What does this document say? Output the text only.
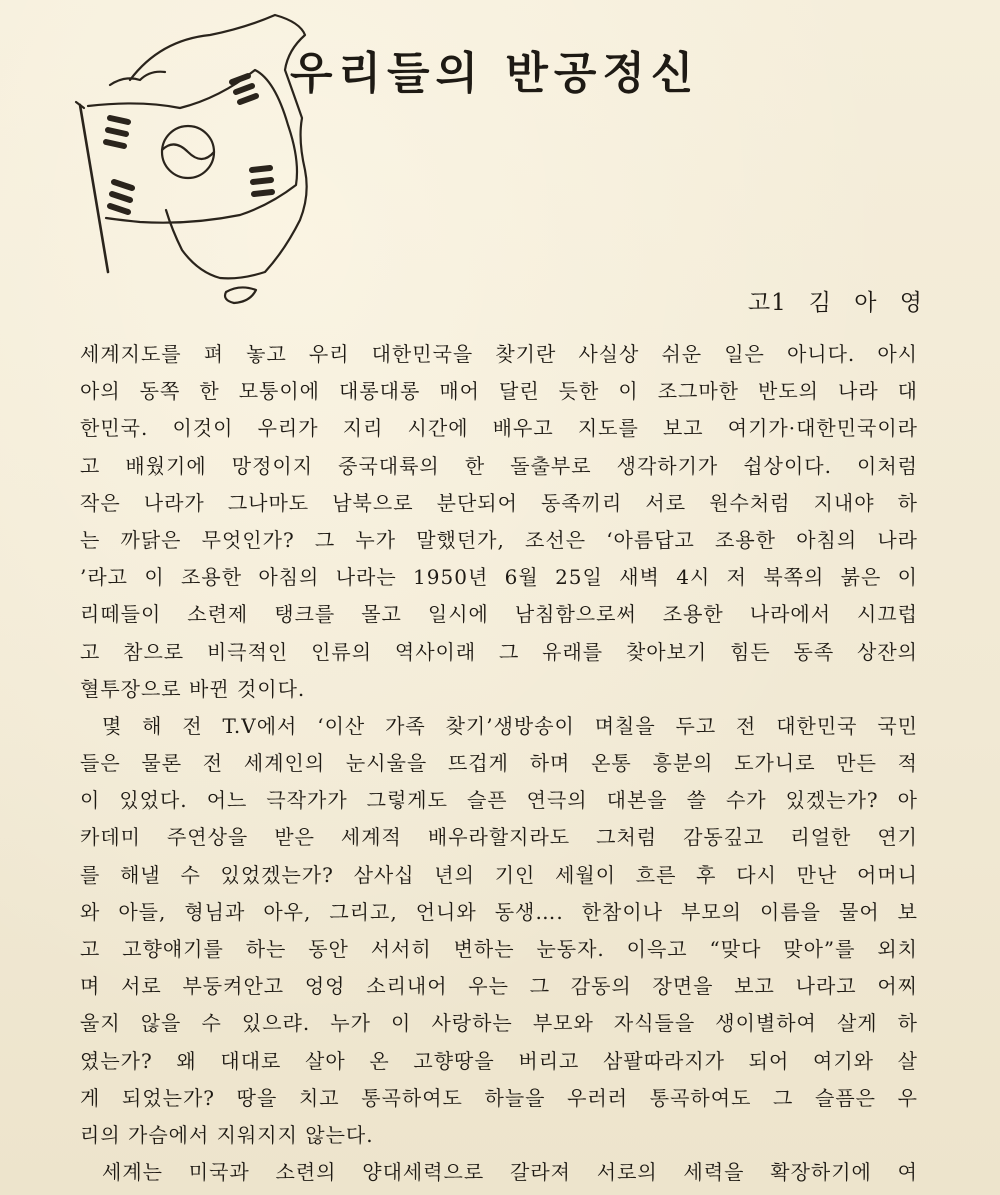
우리들의 반공정신
고1 김 아 영
세계지도를 펴 놓고 우리 대한민국을 찾기란 사실상 쉬운 일은 아니다. 아시
아의 동쪽 한 모퉁이에 대롱대롱 매어 달린 듯한 이 조그마한 반도의 나라 대
한민국. 이것이 우리가 지리 시간에 배우고 지도를 보고 여기가·대한민국이라
고 배웠기에 망정이지 중국대륙의 한 돌출부로 생각하기가 쉽상이다. 이처럼
작은 나라가 그나마도 남북으로 분단되어 동족끼리 서로 원수처럼 지내야 하
는 까닭은 무엇인가? 그 누가 말했던가, 조선은 ‘아름답고 조용한 아침의 나라
’라고 이 조용한 아침의 나라는 1950년 6월 25일 새벽 4시 저 북쪽의 붉은 이
리떼들이 소련제 탱크를 몰고 일시에 남침함으로써 조용한 나라에서 시끄럽
고 참으로 비극적인 인류의 역사이래 그 유래를 찾아보기 힘든 동족 상잔의
혈투장으로 바뀐 것이다.
몇 해 전 T.V에서 ‘이산 가족 찾기’생방송이 며칠을 두고 전 대한민국 국민
들은 물론 전 세계인의 눈시울을 뜨겁게 하며 온통 흥분의 도가니로 만든 적
이 있었다. 어느 극작가가 그렇게도 슬픈 연극의 대본을 쓸 수가 있겠는가? 아
카데미 주연상을 받은 세계적 배우라할지라도 그처럼 감동깊고 리얼한 연기
를 해낼 수 있었겠는가? 삼사십 년의 기인 세월이 흐른 후 다시 만난 어머니
와 아들, 형님과 아우, 그리고, 언니와 동생…. 한참이나 부모의 이름을 물어 보
고 고향얘기를 하는 동안 서서히 변하는 눈동자. 이윽고 “맞다 맞아”를 외치
며 서로 부둥켜안고 엉엉 소리내어 우는 그 감동의 장면을 보고 나라고 어찌
울지 않을 수 있으랴. 누가 이 사랑하는 부모와 자식들을 생이별하여 살게 하
였는가? 왜 대대로 살아 온 고향땅을 버리고 삼팔따라지가 되어 여기와 살
게 되었는가? 땅을 치고 통곡하여도 하늘을 우러러 통곡하여도 그 슬픔은 우
리의 가슴에서 지워지지 않는다.
세계는 미국과 소련의 양대세력으로 갈라져 서로의 세력을 확장하기에 여
